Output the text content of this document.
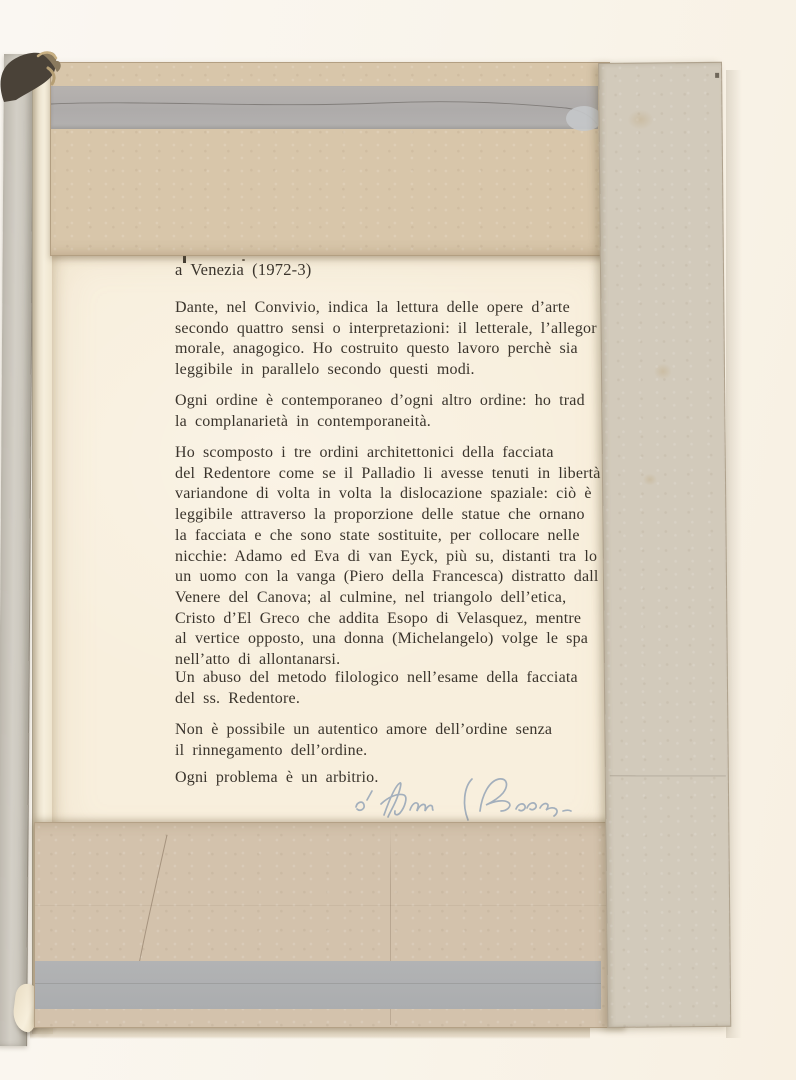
a Venezia (1972-3)
Dante, nel Convivio, indica la lettura delle opere d’arte
secondo quattro sensi o interpretazioni: il letterale, l’allegor
morale, anagogico. Ho costruito questo lavoro perchè sia
leggibile in parallelo secondo questi modi.
Ogni ordine è contemporaneo d’ogni altro ordine: ho trad
la complanarietà in contemporaneità.
Ho scomposto i tre ordini architettonici della facciata
del Redentore come se il Palladio li avesse tenuti in libertà
variandone di volta in volta la dislocazione spaziale: ciò è
leggibile attraverso la proporzione delle statue che ornano
la facciata e che sono state sostituite, per collocare nelle
nicchie: Adamo ed Eva di van Eyck, più su, distanti tra lo
un uomo con la vanga (Piero della Francesca) distratto dall
Venere del Canova; al culmine, nel triangolo dell’etica,
Cristo d’El Greco che addita Esopo di Velasquez, mentre
al vertice opposto, una donna (Michelangelo) volge le spa
nell’atto di allontanarsi.
Un abuso del metodo filologico nell’esame della facciata
del ss. Redentore.
Non è possibile un autentico amore dell’ordine senza
il rinnegamento dell’ordine.
Ogni problema è un arbitrio.
